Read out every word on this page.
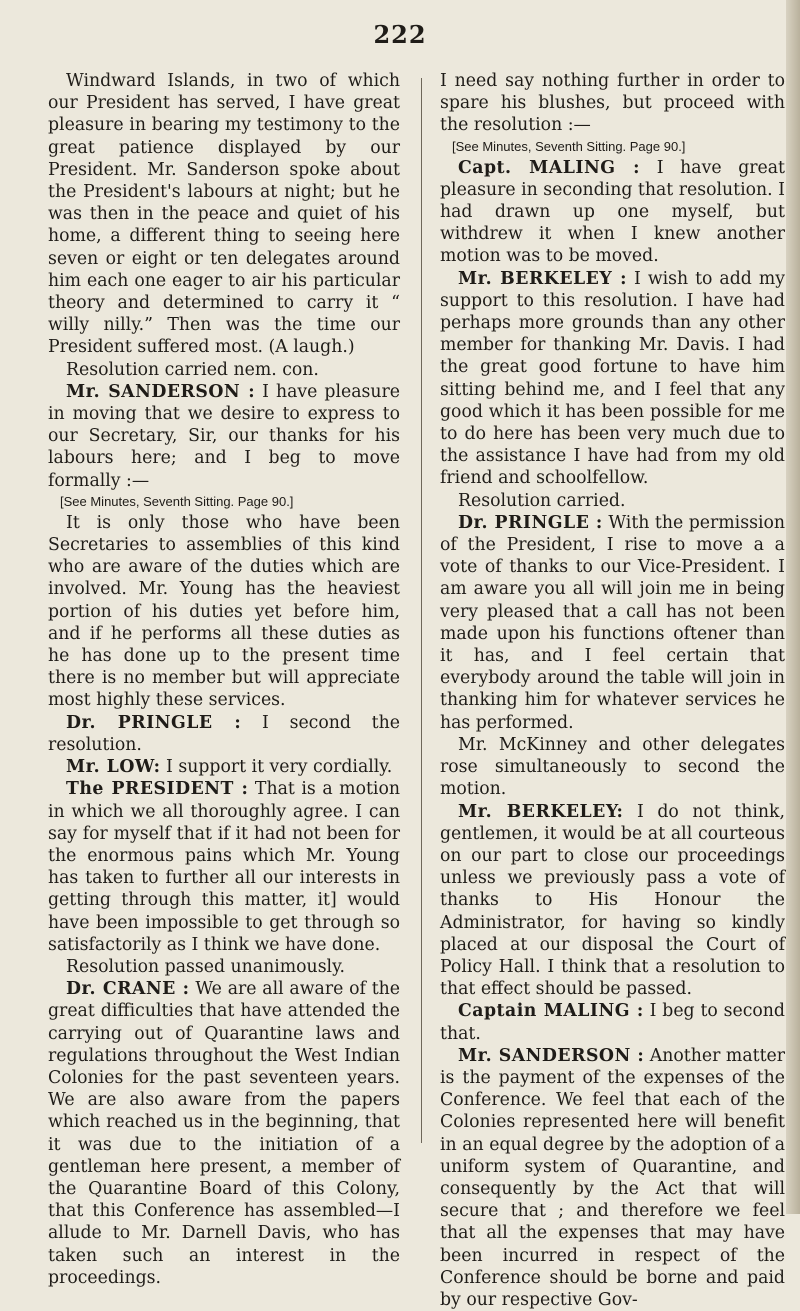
222

Windward Islands, in two of which our President has served, I have great pleasure in bearing my testimony to the great patience displayed by our President. Mr. Sanderson spoke about the President's labours at night; but he was then in the peace and quiet of his home, a different thing to seeing here seven or eight or ten delegates around him each one eager to air his particular theory and determined to carry it “ willy nilly.” Then was the time our President suffered most. (A laugh.)

Resolution carried nem. con.

Mr. SANDERSON : I have pleasure in moving that we desire to express to our Secretary, Sir, our thanks for his labours here; and I beg to move formally :—

[See Minutes, Seventh Sitting. Page 90.]

It is only those who have been Secretaries to assemblies of this kind who are aware of the duties which are involved. Mr. Young has the heaviest portion of his duties yet before him, and if he performs all these duties as he has done up to the present time there is no member but will appreciate most highly these services.

Dr. PRINGLE : I second the resolution.

Mr. LOW: I support it very cordially.

The PRESIDENT : That is a motion in which we all thoroughly agree. I can say for myself that if it had not been for the enormous pains which Mr. Young has taken to further all our interests in getting through this matter, it] would have been impossible to get through so satisfactorily as I think we have done.

Resolution passed unanimously.

Dr. CRANE : We are all aware of the great difficulties that have attended the carrying out of Quarantine laws and regulations throughout the West Indian Colonies for the past seventeen years. We are also aware from the papers which reached us in the beginning, that it was due to the initiation of a gentleman here present, a member of the Quarantine Board of this Colony, that this Conference has assembled—I allude to Mr. Darnell Davis, who has taken such an interest in the proceedings.

I need say nothing further in order to spare his blushes, but proceed with the resolution :—

[See Minutes, Seventh Sitting. Page 90.]

Capt. MALING : I have great pleasure in seconding that resolution. I had drawn up one myself, but withdrew it when I knew another motion was to be moved.

Mr. BERKELEY : I wish to add my support to this resolution. I have had perhaps more grounds than any other member for thanking Mr. Davis. I had the great good fortune to have him sitting behind me, and I feel that any good which it has been possible for me to do here has been very much due to the assistance I have had from my old friend and schoolfellow.

Resolution carried.

Dr. PRINGLE : With the permission of the President, I rise to move a a vote of thanks to our Vice-President. I am aware you all will join me in being very pleased that a call has not been made upon his functions oftener than it has, and I feel certain that everybody around the table will join in thanking him for whatever services he has performed.

Mr. McKinney and other delegates rose simultaneously to second the motion.

Mr. BERKELEY: I do not think, gentlemen, it would be at all courteous on our part to close our proceedings unless we previously pass a vote of thanks to His Honour the Administrator, for having so kindly placed at our disposal the Court of Policy Hall. I think that a resolution to that effect should be passed.

Captain MALING : I beg to second that.

Mr. SANDERSON : Another matter is the payment of the expenses of the Conference. We feel that each of the Colonies represented here will benefit in an equal degree by the adoption of a uniform system of Quarantine, and consequently by the Act that will secure that ; and therefore we feel that all the expenses that may have been incurred in respect of the Conference should be borne and paid by our respective Gov-
